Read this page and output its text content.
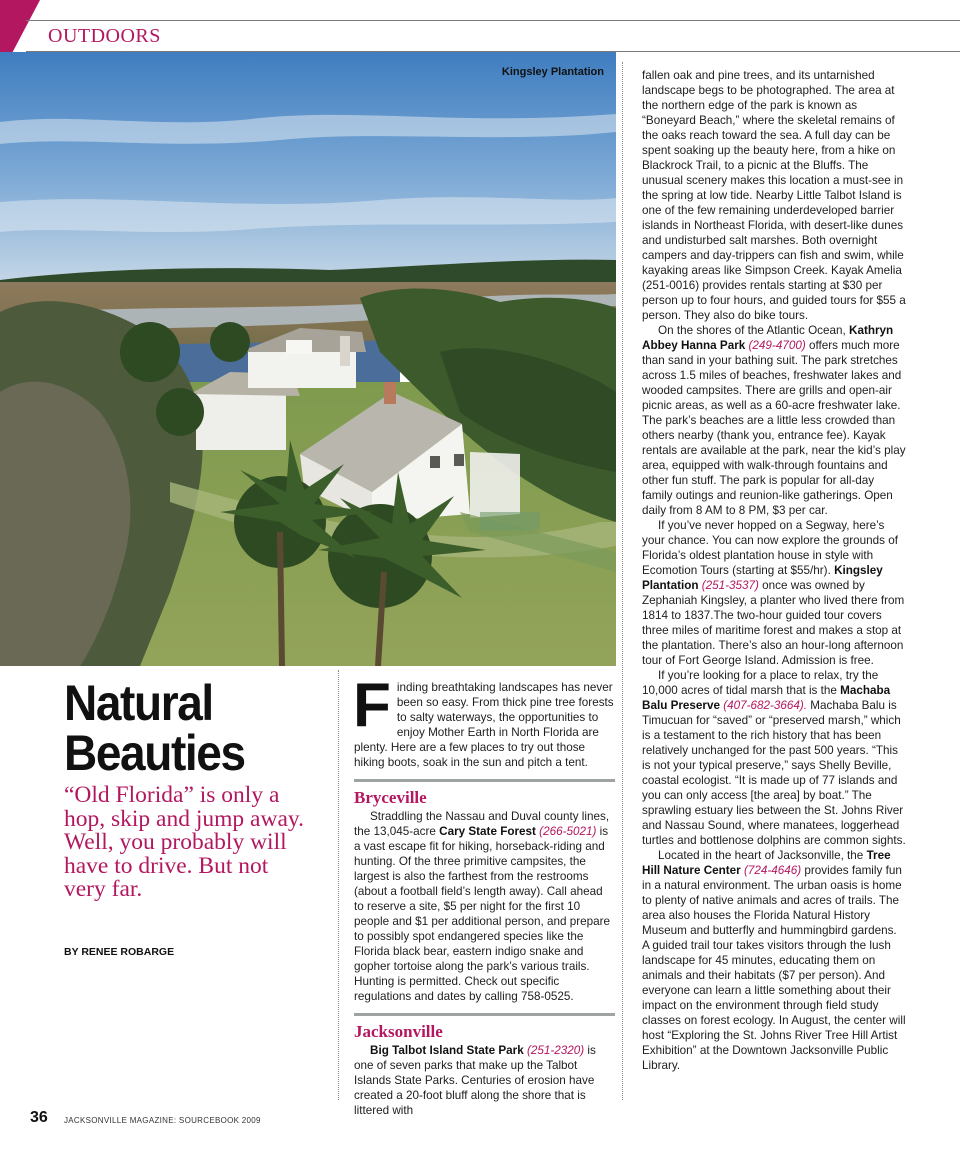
OUTDOORS
Kingsley Plantation
Natural
Beauties
“Old Florida” is only a hop, skip and jump away. Well, you probably will have to drive. But not very far.
BY RENEE ROBARGE

Finding breathtaking landscapes has never been so easy. From thick pine tree forests to salty waterways, the opportunities to enjoy Mother Earth in North Florida are plenty. Here are a few places to try out those hiking boots, soak in the sun and pitch a tent.

Bryceville

Straddling the Nassau and Duval county lines, the 13,045-acre Cary State Forest (266-5021) is a vast escape fit for hiking, horseback-riding and hunting. Of the three primitive campsites, the largest is also the farthest from the restrooms (about a football field’s length away). Call ahead to reserve a site, $5 per night for the first 10 people and $1 per additional person, and prepare to possibly spot endangered species like the Florida black bear, eastern indigo snake and gopher tortoise along the park’s various trails. Hunting is permitted. Check out specific regulations and dates by calling 758-0525.

Jacksonville

Big Talbot Island State Park (251-2320) is one of seven parks that make up the Talbot Islands State Parks. Centuries of erosion have created a 20-foot bluff along the shore that is littered with

fallen oak and pine trees, and its untarnished landscape begs to be photographed. The area at the northern edge of the park is known as “Boneyard Beach,” where the skeletal remains of the oaks reach toward the sea. A full day can be spent soaking up the beauty here, from a hike on Blackrock Trail, to a picnic at the Bluffs. The unusual scenery makes this location a must-see in the spring at low tide. Nearby Little Talbot Island is one of the few remaining underdeveloped barrier islands in Northeast Florida, with desert-like dunes and undisturbed salt marshes. Both overnight campers and day-trippers can fish and swim, while kayaking areas like Simpson Creek. Kayak Amelia (251-0016) provides rentals starting at $30 per person up to four hours, and guided tours for $55 a person. They also do bike tours.

On the shores of the Atlantic Ocean, Kathryn Abbey Hanna Park (249-4700) offers much more than sand in your bathing suit. The park stretches across 1.5 miles of beaches, freshwater lakes and wooded campsites. There are grills and open-air picnic areas, as well as a 60-acre freshwater lake. The park’s beaches are a little less crowded than others nearby (thank you, entrance fee). Kayak rentals are available at the park, near the kid’s play area, equipped with walk-through fountains and other fun stuff. The park is popular for all-day family outings and reunion-like gatherings. Open daily from 8 AM to 8 PM, $3 per car.

If you’ve never hopped on a Segway, here’s your chance. You can now explore the grounds of Florida’s oldest plantation house in style with Ecomotion Tours (starting at $55/hr). Kingsley Plantation (251-3537) once was owned by Zephaniah Kingsley, a planter who lived there from 1814 to 1837.The two-hour guided tour covers three miles of maritime forest and makes a stop at the plantation. There’s also an hour-long afternoon tour of Fort George Island. Admission is free.

If you’re looking for a place to relax, try the 10,000 acres of tidal marsh that is the Machaba Balu Preserve (407-682-3664). Machaba Balu is Timucuan for “saved” or “preserved marsh,” which is a testament to the rich history that has been relatively unchanged for the past 500 years. “This is not your typical preserve,” says Shelly Beville, coastal ecologist. “It is made up of 77 islands and you can only access [the area] by boat.” The sprawling estuary lies between the St. Johns River and Nassau Sound, where manatees, loggerhead turtles and bottlenose dolphins are common sights.

Located in the heart of Jacksonville, the Tree Hill Nature Center (724-4646) provides family fun in a natural environment. The urban oasis is home to plenty of native animals and acres of trails. The area also houses the Florida Natural History Museum and butterfly and hummingbird gardens. A guided trail tour takes visitors through the lush landscape for 45 minutes, educating them on animals and their habitats ($7 per person). And everyone can learn a little something about their impact on the environment through field study classes on forest ecology. In August, the center will host “Exploring the St. Johns River Tree Hill Artist Exhibition” at the Downtown Jacksonville Public Library.

36 JACKSONVILLE MAGAZINE: SOURCEBOOK 2009
